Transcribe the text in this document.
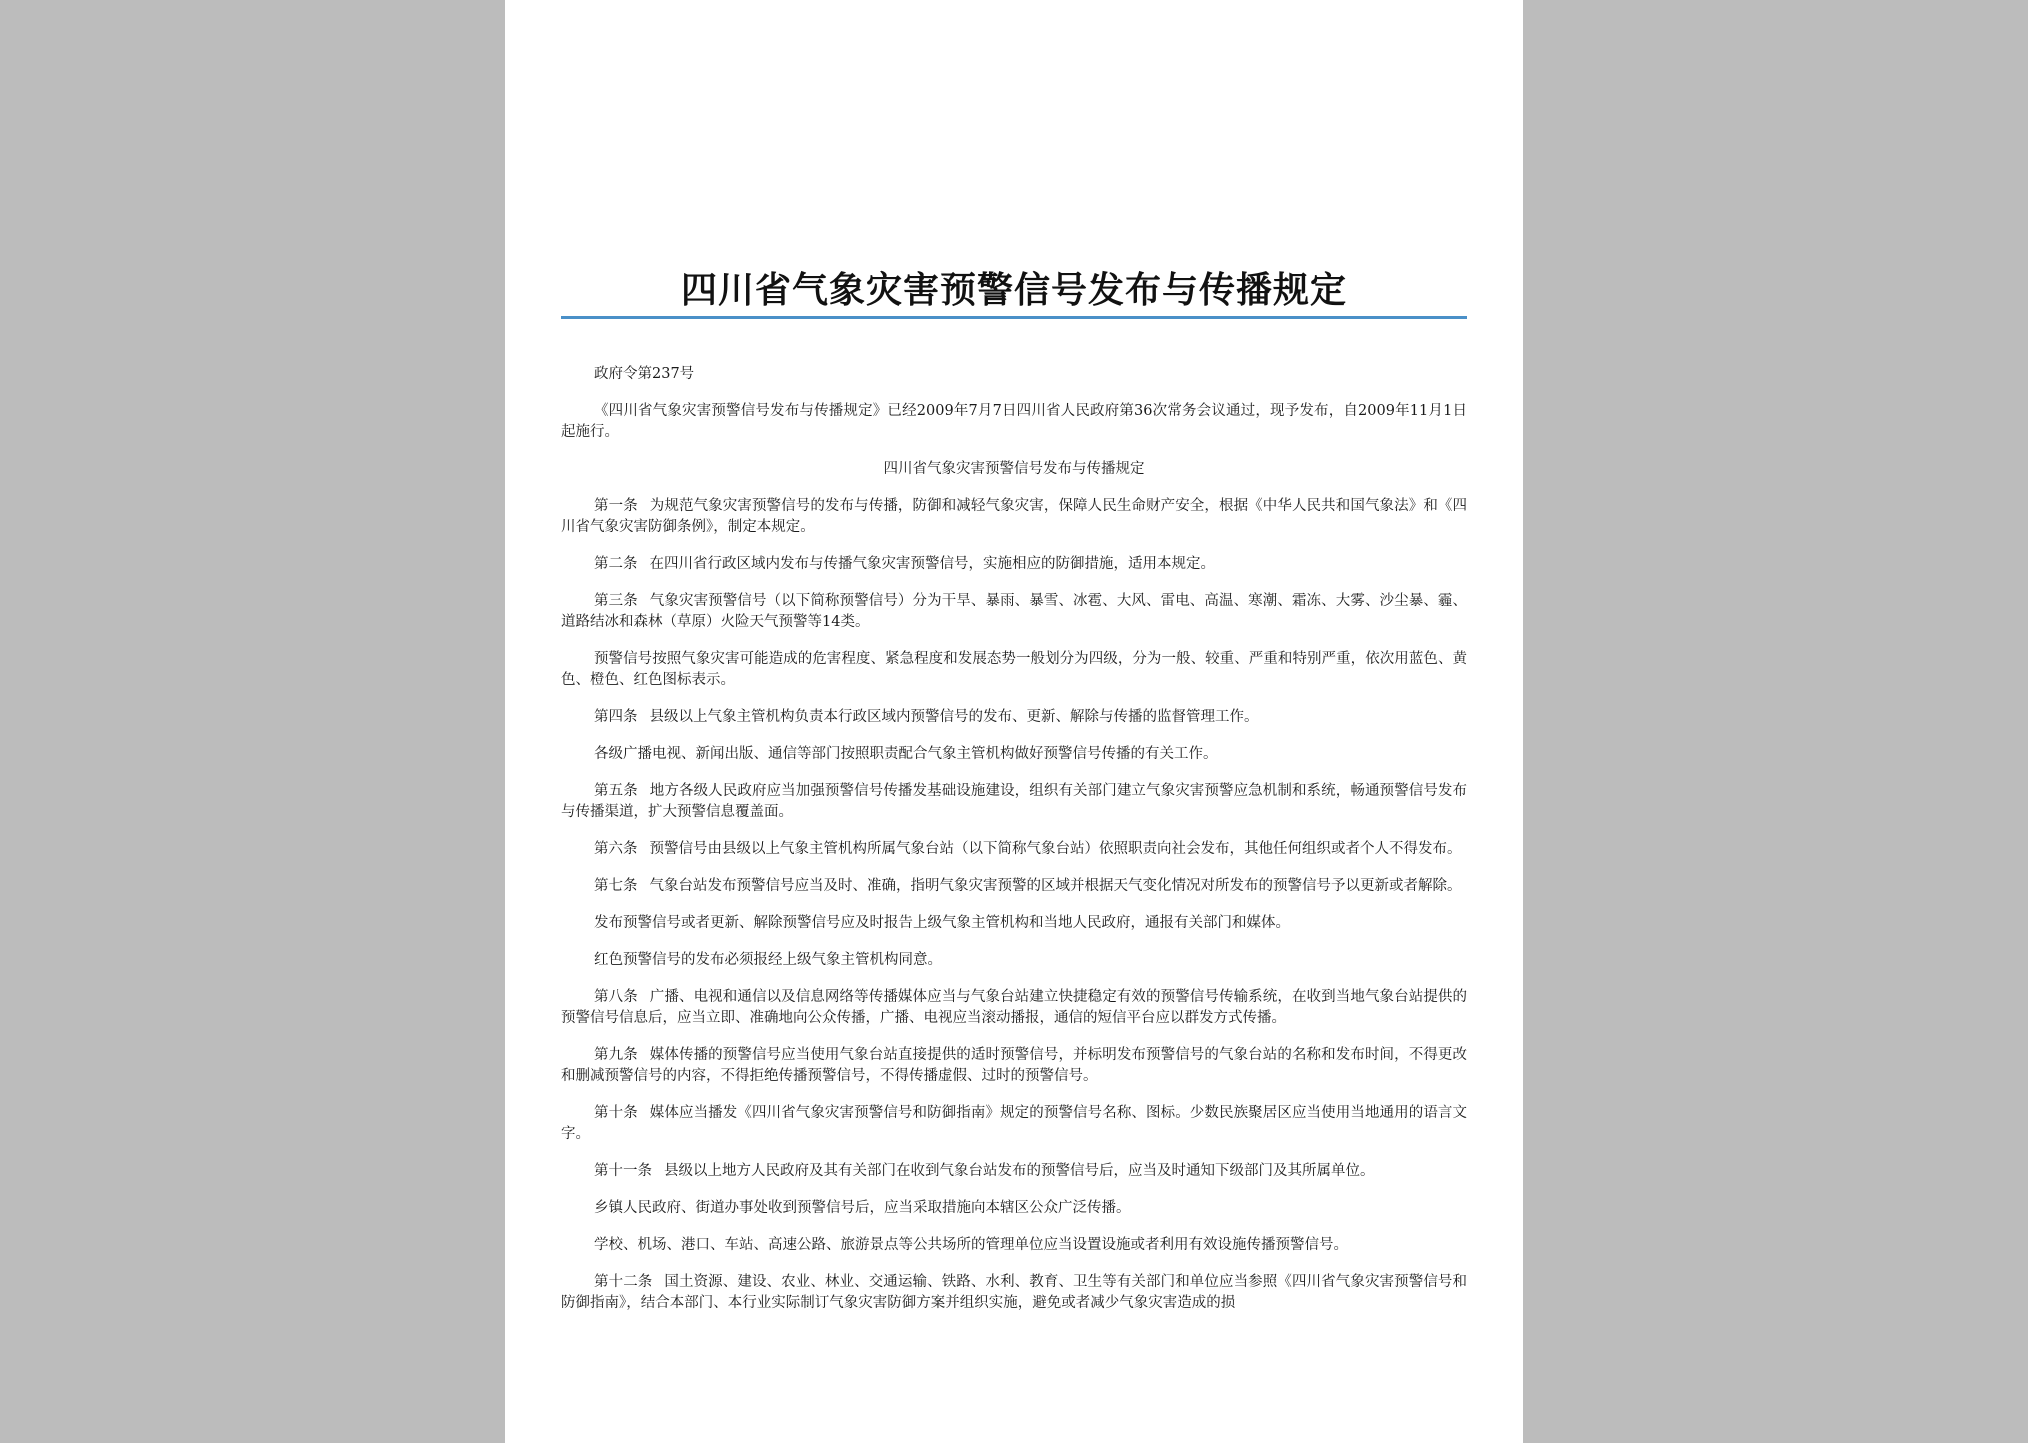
四川省气象灾害预警信号发布与传播规定

政府令第237号

《四川省气象灾害预警信号发布与传播规定》已经2009年7月7日四川省人民政府第36次常务会议通过，现予发布，自2009年11月1日起施行。

四川省气象灾害预警信号发布与传播规定

第一条 为规范气象灾害预警信号的发布与传播，防御和减轻气象灾害，保障人民生命财产安全，根据《中华人民共和国气象法》和《四川省气象灾害防御条例》，制定本规定。

第二条 在四川省行政区域内发布与传播气象灾害预警信号，实施相应的防御措施，适用本规定。

第三条 气象灾害预警信号（以下简称预警信号）分为干旱、暴雨、暴雪、冰雹、大风、雷电、高温、寒潮、霜冻、大雾、沙尘暴、霾、道路结冰和森林（草原）火险天气预警等14类。

预警信号按照气象灾害可能造成的危害程度、紧急程度和发展态势一般划分为四级，分为一般、较重、严重和特别严重，依次用蓝色、黄色、橙色、红色图标表示。

第四条 县级以上气象主管机构负责本行政区域内预警信号的发布、更新、解除与传播的监督管理工作。

各级广播电视、新闻出版、通信等部门按照职责配合气象主管机构做好预警信号传播的有关工作。

第五条 地方各级人民政府应当加强预警信号传播发基础设施建设，组织有关部门建立气象灾害预警应急机制和系统，畅通预警信号发布与传播渠道，扩大预警信息覆盖面。

第六条 预警信号由县级以上气象主管机构所属气象台站（以下简称气象台站）依照职责向社会发布，其他任何组织或者个人不得发布。

第七条 气象台站发布预警信号应当及时、准确，指明气象灾害预警的区域并根据天气变化情况对所发布的预警信号予以更新或者解除。

发布预警信号或者更新、解除预警信号应及时报告上级气象主管机构和当地人民政府，通报有关部门和媒体。

红色预警信号的发布必须报经上级气象主管机构同意。

第八条 广播、电视和通信以及信息网络等传播媒体应当与气象台站建立快捷稳定有效的预警信号传输系统，在收到当地气象台站提供的预警信号信息后，应当立即、准确地向公众传播，广播、电视应当滚动播报，通信的短信平台应以群发方式传播。

第九条 媒体传播的预警信号应当使用气象台站直接提供的适时预警信号，并标明发布预警信号的气象台站的名称和发布时间，不得更改和删减预警信号的内容，不得拒绝传播预警信号，不得传播虚假、过时的预警信号。

第十条 媒体应当播发《四川省气象灾害预警信号和防御指南》规定的预警信号名称、图标。少数民族聚居区应当使用当地通用的语言文字。

第十一条 县级以上地方人民政府及其有关部门在收到气象台站发布的预警信号后，应当及时通知下级部门及其所属单位。

乡镇人民政府、街道办事处收到预警信号后，应当采取措施向本辖区公众广泛传播。

学校、机场、港口、车站、高速公路、旅游景点等公共场所的管理单位应当设置设施或者利用有效设施传播预警信号。

第十二条 国土资源、建设、农业、林业、交通运输、铁路、水利、教育、卫生等有关部门和单位应当参照《四川省气象灾害预警信号和防御指南》，结合本部门、本行业实际制订气象灾害防御方案并组织实施，避免或者减少气象灾害造成的损
